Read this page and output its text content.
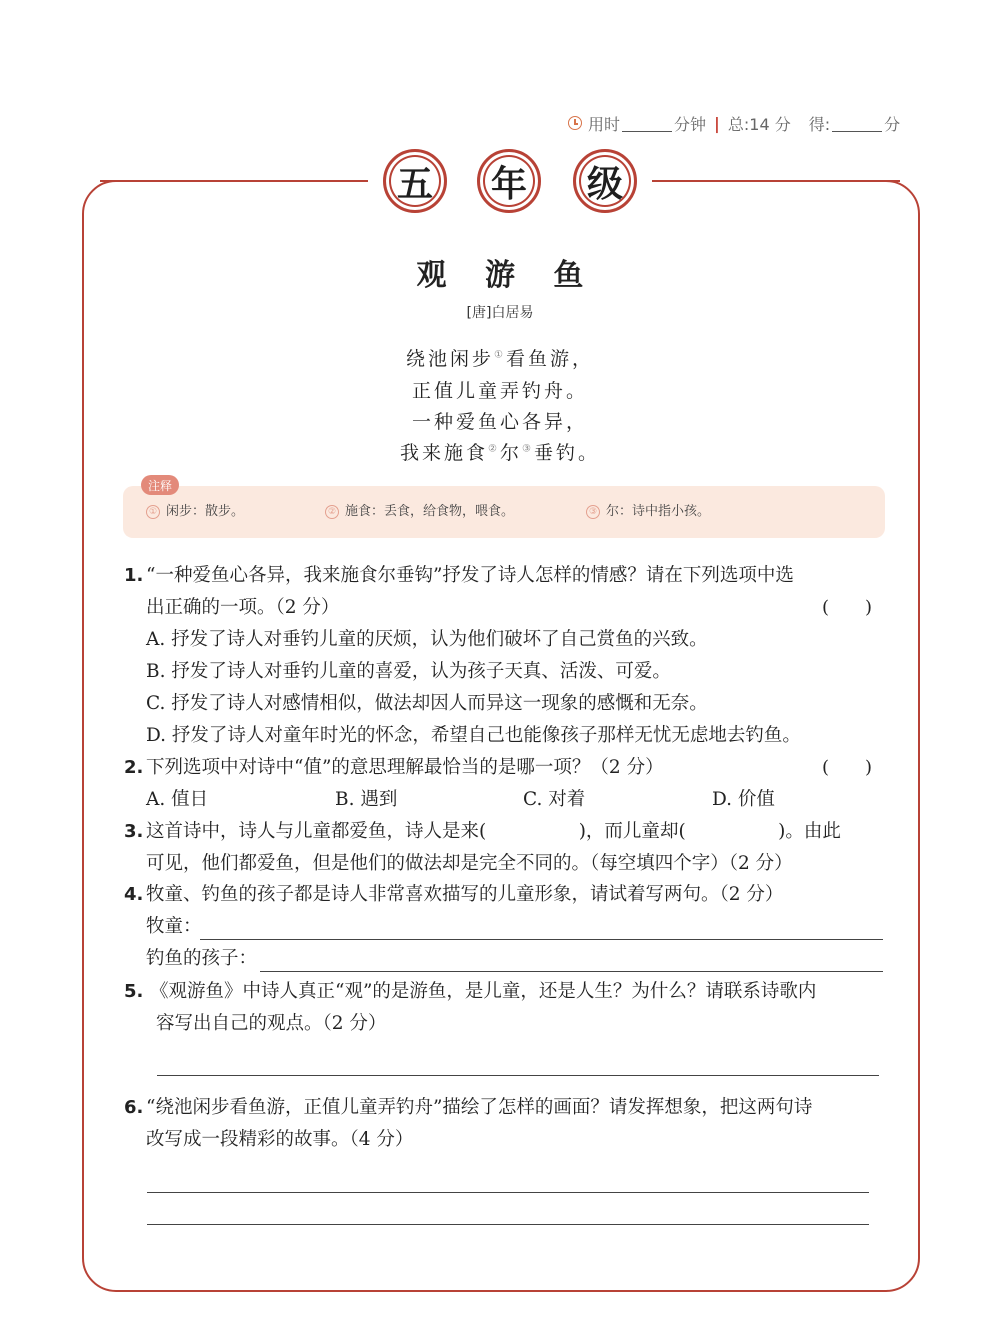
用时	分钟 | 总:14 分 得:	分
五	年	级
观 游 鱼
[唐]白居易
绕池闲步①看鱼游，
正值儿童弄钓舟。
一种爱鱼心各异，
我来施食②尔③垂钓。
注释
① 闲步：散步。	② 施食：丢食，给食物，喂食。	③ 尔：诗中指小孩。
1. “一种爱鱼心各异，我来施食尔垂钩”抒发了诗人怎样的情感？请在下列选项中选
出正确的一项。（2 分）	(　　)
A. 抒发了诗人对垂钓儿童的厌烦，认为他们破坏了自己赏鱼的兴致。
B. 抒发了诗人对垂钓儿童的喜爱，认为孩子天真、活泼、可爱。
C. 抒发了诗人对感情相似，做法却因人而异这一现象的感慨和无奈。
D. 抒发了诗人对童年时光的怀念，希望自己也能像孩子那样无忧无虑地去钓鱼。
2. 下列选项中对诗中“值”的意思理解最恰当的是哪一项？（2 分）	(　　)
A. 值日	B. 遇到	C. 对着	D. 价值
3. 这首诗中，诗人与儿童都爱鱼，诗人是来(　　　　　)，而儿童却(　　　　　)。由此
可见，他们都爱鱼，但是他们的做法却是完全不同的。（每空填四个字）（2 分）
4. 牧童、钓鱼的孩子都是诗人非常喜欢描写的儿童形象，请试着写两句。（2 分）
牧童：
钓鱼的孩子：
5. 《观游鱼》中诗人真正“观”的是游鱼，是儿童，还是人生？为什么？请联系诗歌内
容写出自己的观点。（2 分）
6. “绕池闲步看鱼游，正值儿童弄钓舟”描绘了怎样的画面？请发挥想象，把这两句诗
改写成一段精彩的故事。（4 分）
